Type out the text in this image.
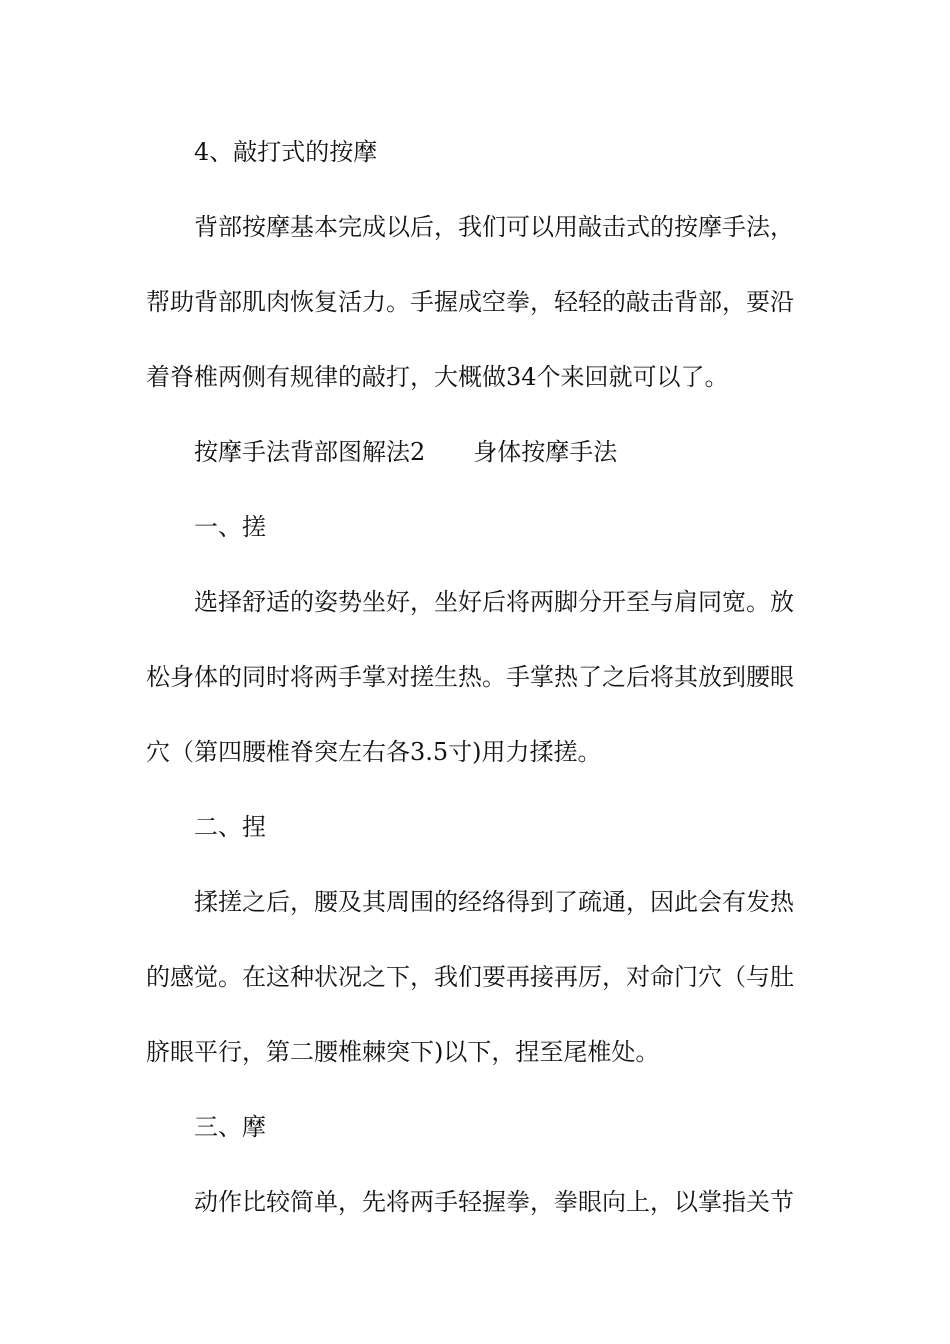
4、敲打式的按摩
背部按摩基本完成以后，我们可以用敲击式的按摩手法，
帮助背部肌肉恢复活力。手握成空拳，轻轻的敲击背部，要沿
着脊椎两侧有规律的敲打，大概做34个来回就可以了。
按摩手法背部图解法2 身体按摩手法
一、搓
选择舒适的姿势坐好，坐好后将两脚分开至与肩同宽。放
松身体的同时将两手掌对搓生热。手掌热了之后将其放到腰眼
穴（第四腰椎脊突左右各3.5寸)用力揉搓。
二、捏
揉搓之后，腰及其周围的经络得到了疏通，因此会有发热
的感觉。在这种状况之下，我们要再接再厉，对命门穴（与肚
脐眼平行，第二腰椎棘突下)以下，捏至尾椎处。
三、摩
动作比较简单，先将两手轻握拳，拳眼向上，以掌指关节
